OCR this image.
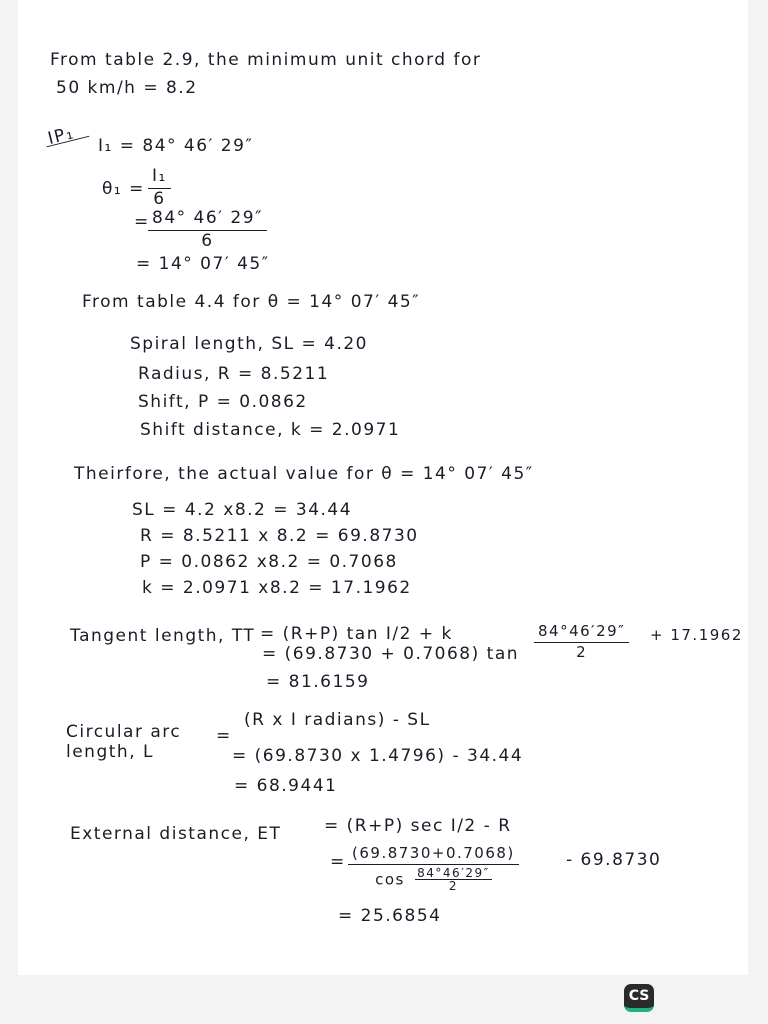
From table 2.9, the minimum unit chord for
50 km/h = 8.2
IP₁ I₁ = 84° 46′ 29″
$\theta_1 = \frac{\text{I₁}}{6}$
=
$\frac{84^\circ 46' 29''}{6}$
= 14° 07′ 45″
From table 4.4 for θ = 14° 07′ 45″
Spiral length, SL = 4.20
Radius, R = 8.5211
Shift, P = 0.0862
Shift distance, k = 2.0971
Theirfore, the actual value for θ = 14° 07′ 45″
SL = 4.2 x8.2 = 34.44
R = 8.5211 x 8.2 = 69.8730
P = 0.0862 x8.2 = 0.7068
k = 2.0971 x8.2 = 17.1962
Tangent length, TT = (R+P) tan I/2 + k
= (69.8730 + 0.7068) $\tan \frac{84^\circ 46'29''}{2} + 17.1962$
= 81.6159
Circular arc
length, L
=
(R x I radians) - SL
= (69.8730 x 1.4796) - 34.44
= 68.9441
External distance, ET	= (R+P) sec I/2 - R
= $\frac{(69.8730+0.7068)}{\cos \frac{84^\circ 46'29''}{2}}$	- 69.8730
= 25.6854
CS
